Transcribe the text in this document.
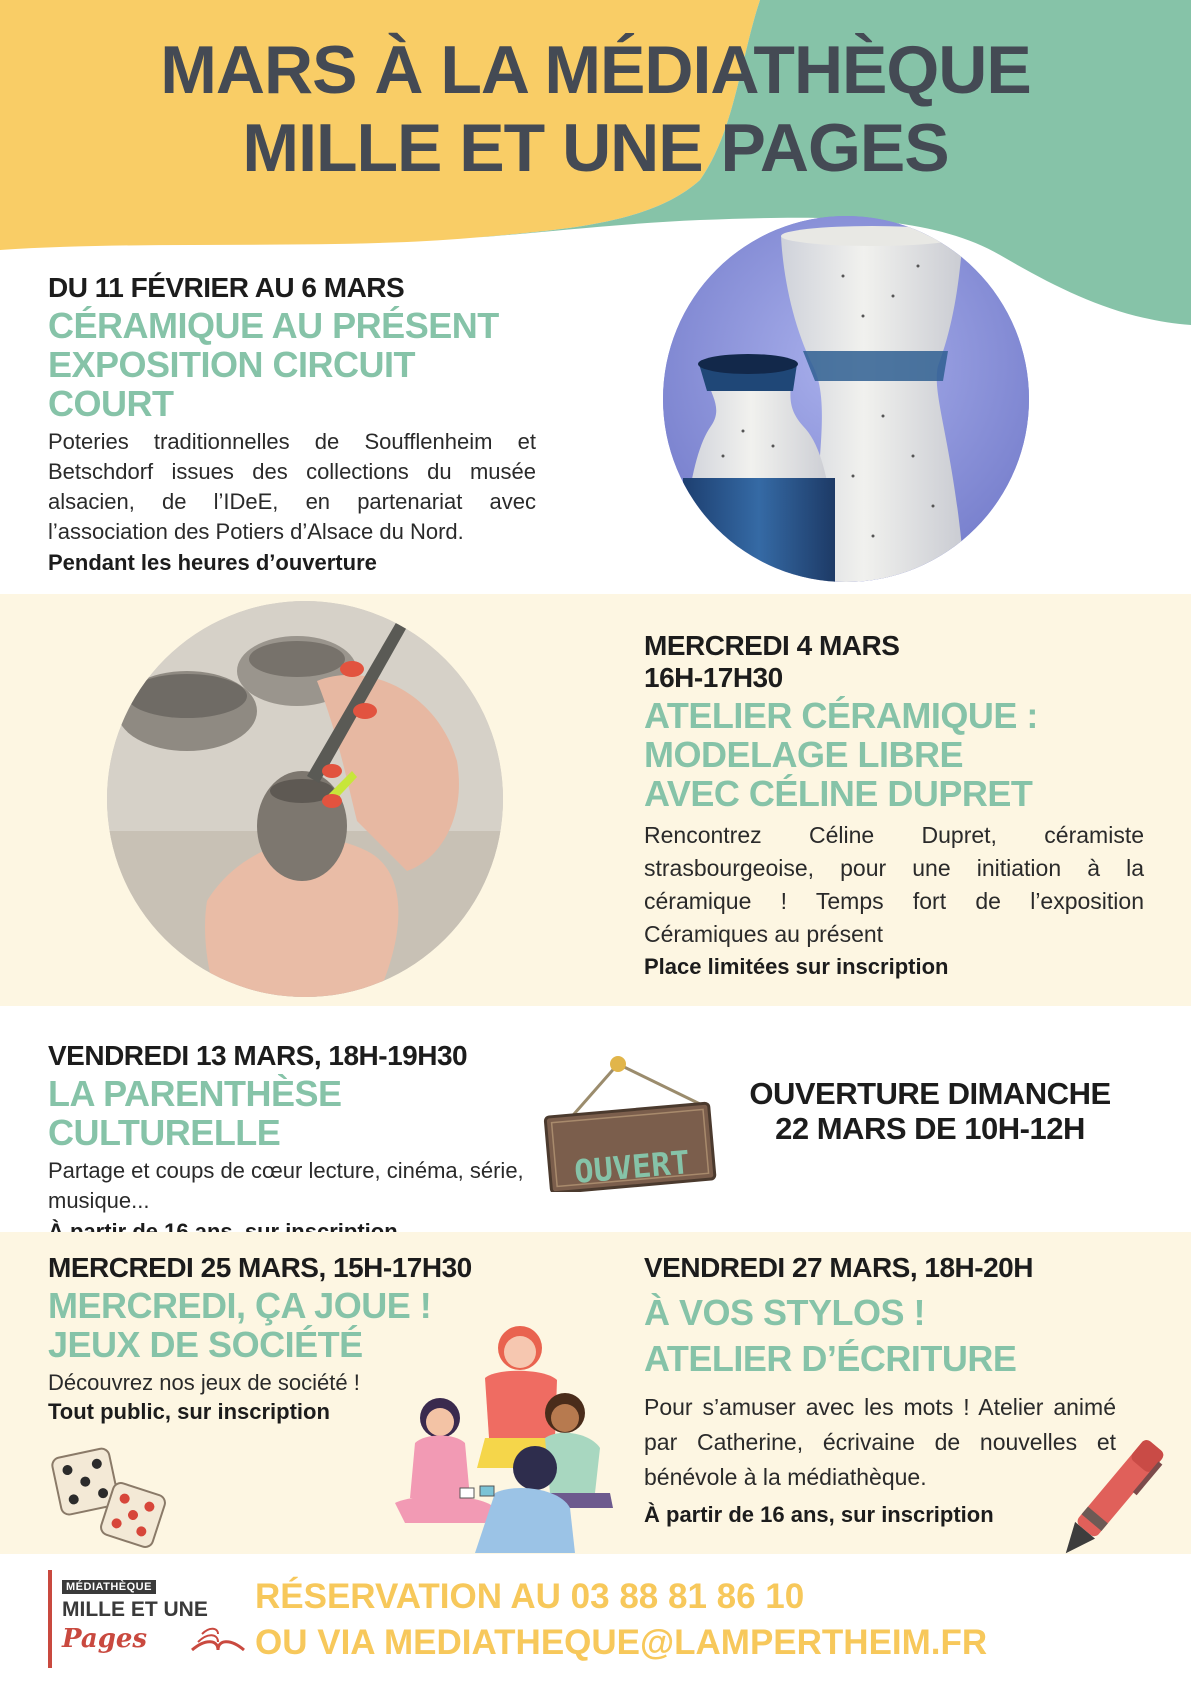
MARS À LA MÉDIATHÈQUE
MILLE ET UNE PAGES
DU 11 FÉVRIER AU 6 MARS
CÉRAMIQUE AU PRÉSENT
EXPOSITION CIRCUIT
COURT
Poteries traditionnelles de Soufflenheim et Betschdorf issues des collections du musée alsacien, de l’IDeE, en partenariat avec l’association des Potiers d’Alsace du Nord.
Pendant les heures d’ouverture
MERCREDI 4 MARS
16H-17H30
ATELIER CÉRAMIQUE :
MODELAGE LIBRE
AVEC CÉLINE DUPRET
Rencontrez Céline Dupret, céramiste strasbourgeoise, pour une initiation à la céramique ! Temps fort de l’exposition Céramiques au présent
Place limitées sur inscription
VENDREDI 13 MARS, 18H-19H30
LA PARENTHÈSE CULTURELLE
Partage et coups de cœur lecture, cinéma, série, musique...
OUVERT
OUVERTURE DIMANCHE
22 MARS DE 10H-12H
MERCREDI 25 MARS, 15H-17H30
MERCREDI, ÇA JOUE !
JEUX DE SOCIÉTÉ
Découvrez nos jeux de société !
Tout public, sur inscription
VENDREDI 27 MARS, 18H-20H
À VOS STYLOS !
ATELIER D’ÉCRITURE
Pour s’amuser avec les mots ! Atelier animé par Catherine, écrivaine de nouvelles et bénévole à la médiathèque.
À partir de 16 ans, sur inscription
MÉDIATHÈQUE
MILLE ET UNE
Pages
RÉSERVATION AU 03 88 81 86 10
OU VIA MEDIATHEQUE@LAMPERTHEIM.FR
